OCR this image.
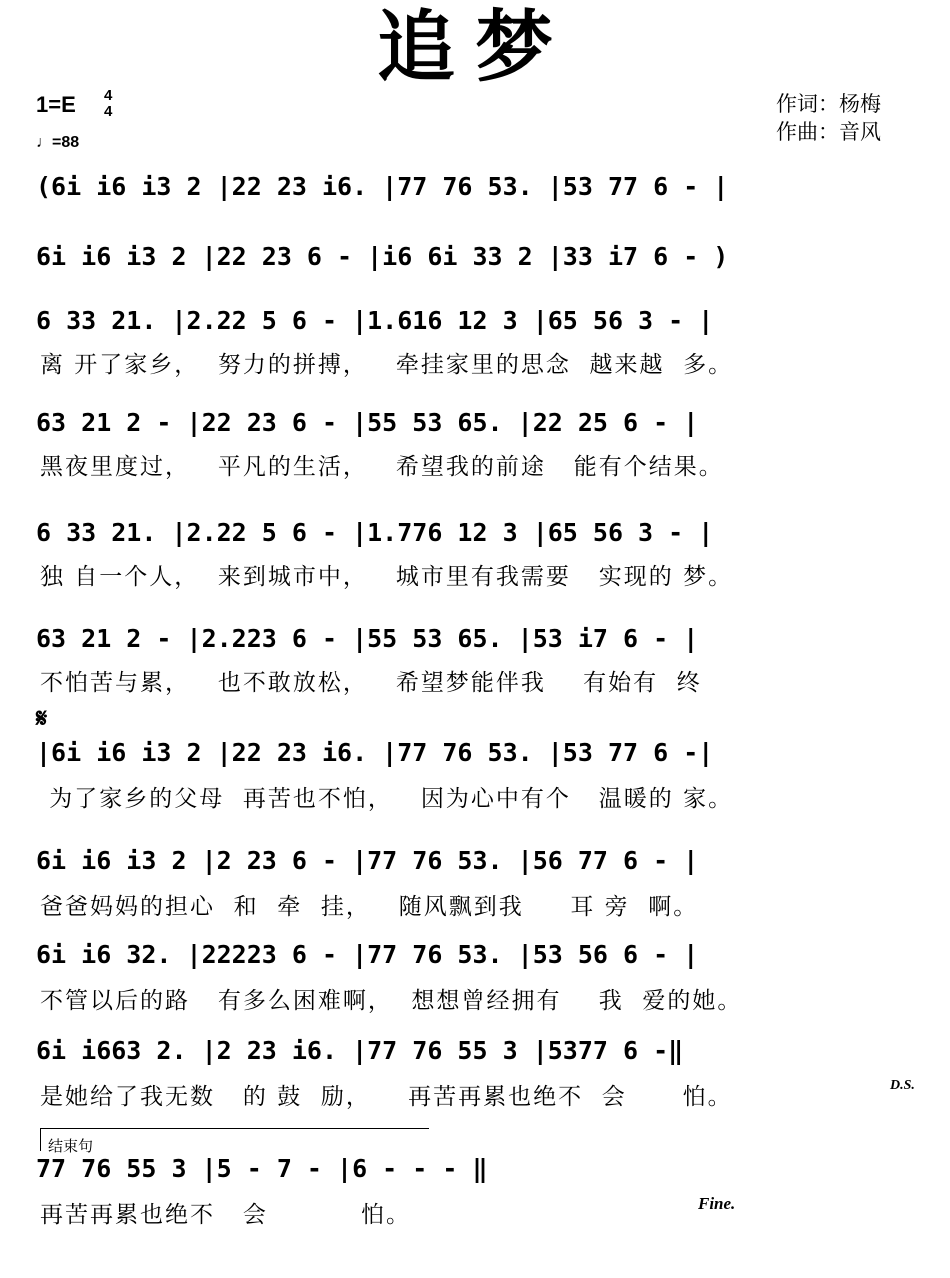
追梦
1=E 4
4
♩=88
作词：杨梅
作曲：音风
(6i i6 i3 2 |22 23 i6. |77 76 53. |53 77 6 - |
6i i6 i3 2 |22 23 6 - |i6 6i 33 2 |33 i7 6 - )
6 33 21. |2.22 5 6 - |1.616 12 3 |65 56 3 - |
离 开了家乡，  努力的拼搏，   牵挂家里的思念  越来越  多。
63 21 2 - |22 23 6 - |55 53 65. |22 25 6 - |
黑夜里度过，   平凡的生活，   希望我的前途   能有个结果。
6 33 21. |2.22 5 6 - |1.776 12 3 |65 56 3 - |
独 自一个人，  来到城市中，   城市里有我需要   实现的 梦。
63 21 2 - |2.223 6 - |55 53 65. |53 i7 6 - |
不怕苦与累，   也不敢放松，   希望梦能伴我    有始有  终
𝄋
|6i i6 i3 2 |22 23 i6. |77 76 53. |53 77 6 -|
为了家乡的父母  再苦也不怕，   因为心中有个   温暖的 家。
6i i6 i3 2 |2 23 6 - |77 76 53. |56 77 6 - |
爸爸妈妈的担心  和  牵  挂，   随风飘到我     耳 旁  啊。
6i i6 32. |22223 6 - |77 76 53. |53 56 6 - |
不管以后的路   有多么困难啊，  想想曾经拥有    我  爱的她。
6i i663 2. |2 23 i6. |77 76 55 3 |5377 6 -‖
是她给了我无数   的 鼓  励，    再苦再累也绝不  会      怕。	D.S.
结束句
77 76 55 3 |5 - 7 - |6 - - - ‖
再苦再累也绝不   会          怕。	Fine.
